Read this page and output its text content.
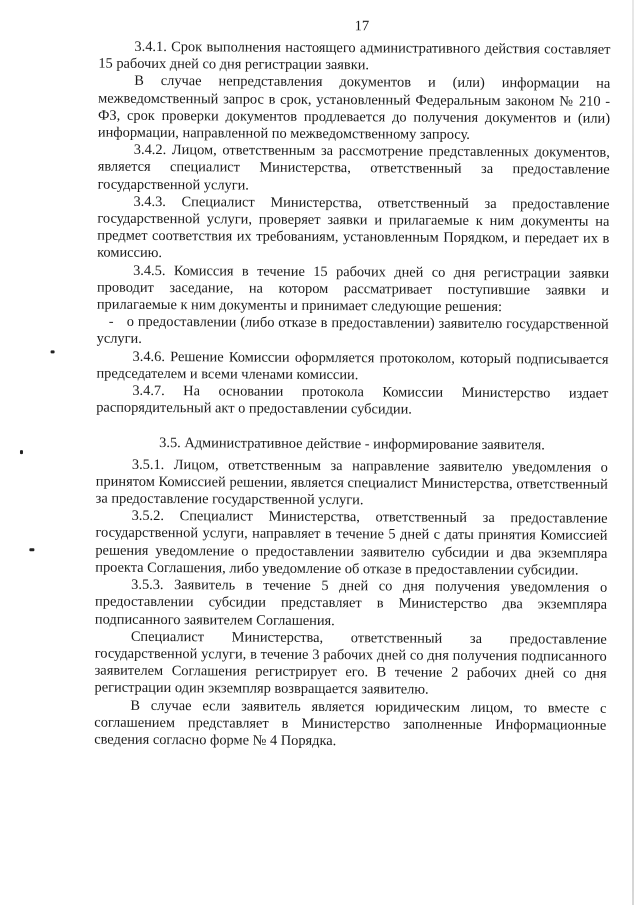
17

3.4.1. Срок выполнения настоящего административного действия составляет 15 рабочих дней со дня регистрации заявки.

В случае непредставления документов и (или) информации на межведомственный запрос в срок, установленный Федеральным законом № 210 - ФЗ, срок проверки документов продлевается до получения документов и (или) информации, направленной по межведомственному запросу.

3.4.2. Лицом, ответственным за рассмотрение представленных документов, является специалист Министерства, ответственный за предоставление государственной услуги.

3.4.3. Специалист Министерства, ответственный за предоставление государственной услуги, проверяет заявки и прилагаемые к ним документы на предмет соответствия их требованиям, установленным Порядком, и передает их в комиссию.

3.4.5. Комиссия в течение 15 рабочих дней со дня регистрации заявки проводит заседание, на котором рассматривает поступившие заявки и прилагаемые к ним документы и принимает следующие решения:

- о предоставлении (либо отказе в предоставлении) заявителю государственной услуги.

3.4.6. Решение Комиссии оформляется протоколом, который подписывается председателем и всеми членами комиссии.

3.4.7. На основании протокола Комиссии Министерство издает распорядительный акт о предоставлении субсидии.

3.5. Административное действие - информирование заявителя.

3.5.1. Лицом, ответственным за направление заявителю уведомления о принятом Комиссией решении, является специалист Министерства, ответственный за предоставление государственной услуги.

3.5.2. Специалист Министерства, ответственный за предоставление государственной услуги, направляет в течение 5 дней с даты принятия Комиссией решения уведомление о предоставлении заявителю субсидии и два экземпляра проекта Соглашения, либо уведомление об отказе в предоставлении субсидии.

3.5.3. Заявитель в течение 5 дней со дня получения уведомления о предоставлении субсидии представляет в Министерство два экземпляра подписанного заявителем Соглашения.

Специалист Министерства, ответственный за предоставление государственной услуги, в течение 3 рабочих дней со дня получения подписанного заявителем Соглашения регистрирует его. В течение 2 рабочих дней со дня регистрации один экземпляр возвращается заявителю.

В случае если заявитель является юридическим лицом, то вместе с соглашением представляет в Министерство заполненные Информационные сведения согласно форме № 4 Порядка.
